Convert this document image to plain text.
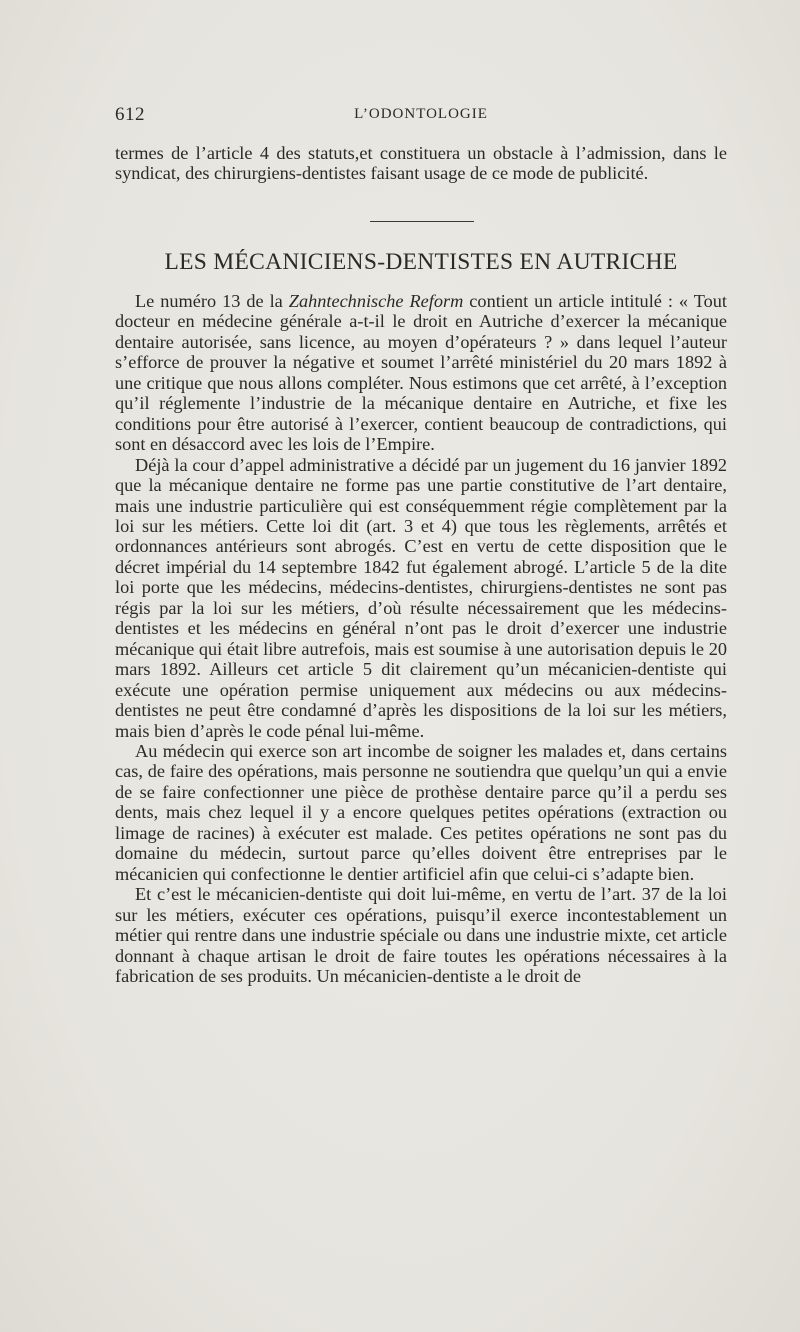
612	L’ODONTOLOGIE

termes de l’article 4 des statuts,et constituera un obstacle à l’admission, dans le syndicat, des chirurgiens-dentistes faisant usage de ce mode de publicité.

LES MÉCANICIENS-DENTISTES EN AUTRICHE

Le numéro 13 de la Zahntechnische Reform contient un article intitulé : « Tout docteur en médecine générale a-t-il le droit en Autriche d’exercer la mécanique dentaire autorisée, sans licence, au moyen d’opérateurs ? » dans lequel l’auteur s’efforce de prouver la négative et soumet l’arrêté ministériel du 20 mars 1892 à une critique que nous allons compléter. Nous estimons que cet arrêté, à l’exception qu’il réglemente l’industrie de la mécanique dentaire en Autriche, et fixe les conditions pour être autorisé à l’exercer, contient beaucoup de contradictions, qui sont en désaccord avec les lois de l’Empire.

Déjà la cour d’appel administrative a décidé par un jugement du 16 janvier 1892 que la mécanique dentaire ne forme pas une partie constitutive de l’art dentaire, mais une industrie particulière qui est conséquemment régie complètement par la loi sur les métiers. Cette loi dit (art. 3 et 4) que tous les règlements, arrêtés et ordonnances antérieurs sont abrogés. C’est en vertu de cette disposition que le décret impérial du 14 septembre 1842 fut également abrogé. L’article 5 de la dite loi porte que les médecins, médecins-dentistes, chirurgiens-dentistes ne sont pas régis par la loi sur les métiers, d’où résulte nécessairement que les médecins-dentistes et les médecins en général n’ont pas le droit d’exercer une industrie mécanique qui était libre autrefois, mais est soumise à une autorisation depuis le 20 mars 1892. Ailleurs cet article 5 dit clairement qu’un mécanicien-dentiste qui exécute une opération permise uniquement aux médecins ou aux médecins-dentistes ne peut être condamné d’après les dispositions de la loi sur les métiers, mais bien d’après le code pénal lui-même.

Au médecin qui exerce son art incombe de soigner les malades et, dans certains cas, de faire des opérations, mais personne ne soutiendra que quelqu’un qui a envie de se faire confectionner une pièce de prothèse dentaire parce qu’il a perdu ses dents, mais chez lequel il y a encore quelques petites opérations (extraction ou limage de racines) à exécuter est malade. Ces petites opérations ne sont pas du domaine du médecin, surtout parce qu’elles doivent être entreprises par le mécanicien qui confectionne le dentier artificiel afin que celui-ci s’adapte bien.

Et c’est le mécanicien-dentiste qui doit lui-même, en vertu de l’art. 37 de la loi sur les métiers, exécuter ces opérations, puisqu’il exerce incontestablement un métier qui rentre dans une industrie spéciale ou dans une industrie mixte, cet article donnant à chaque artisan le droit de faire toutes les opérations nécessaires à la fabrication de ses produits. Un mécanicien-dentiste a le droit de
